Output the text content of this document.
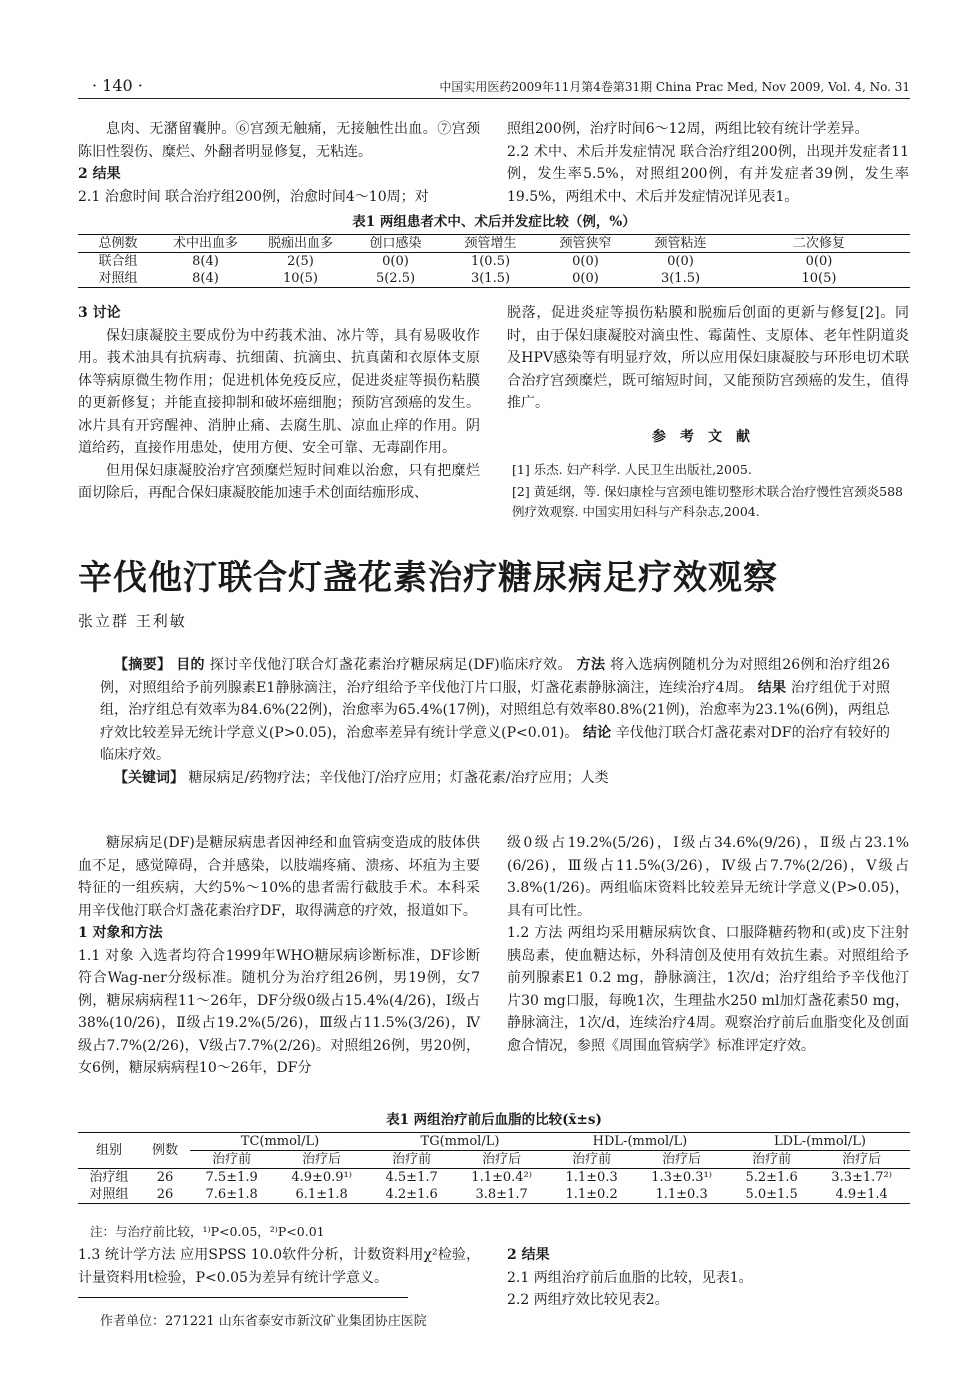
· 140 ·	中国实用医药2009年11月第4卷第31期 China Prac Med, Nov 2009, Vol. 4, No. 31

息肉、无潴留囊肿。⑥宫颈无触痛，无接触性出血。⑦宫颈陈旧性裂伤、糜烂、外翻者明显修复，无粘连。

2 结果

2.1 治愈时间 联合治疗组200例，治愈时间4～10周；对

照组200例，治疗时间6～12周，两组比较有统计学差异。

2.2 术中、术后并发症情况 联合治疗组200例，出现并发症者11例，发生率5.5%，对照组200例，有并发症者39例，发生率19.5%，两组术中、术后并发症情况详见表1。

表1 两组患者术中、术后并发症比较（例，%）
总例数	术中出血多	脱痂出血多	创口感染	颈管增生	颈管狭窄	颈管粘连	二次修复
联合组	8(4)	2(5)	0(0)	1(0.5)	0(0)	0(0)	0(0)
对照组	8(4)	10(5)	5(2.5)	3(1.5)	0(0)	3(1.5)	10(5)

3 讨论

保妇康凝胶主要成份为中药莪术油、冰片等，具有易吸收作用。莪术油具有抗病毒、抗细菌、抗滴虫、抗真菌和衣原体支原体等病原微生物作用；促进机体免疫反应，促进炎症等损伤粘膜的更新修复；并能直接抑制和破坏癌细胞；预防宫颈癌的发生。冰片具有开窍醒神、消肿止痛、去腐生肌、凉血止痒的作用。阴道给药，直接作用患处，使用方便、安全可靠、无毒副作用。

但用保妇康凝胶治疗宫颈糜烂短时间难以治愈，只有把糜烂面切除后，再配合保妇康凝胶能加速手术创面结痂形成、

脱落，促进炎症等损伤粘膜和脱痂后创面的更新与修复[2]。同时，由于保妇康凝胶对滴虫性、霉菌性、支原体、老年性阴道炎及HPV感染等有明显疗效，所以应用保妇康凝胶与环形电切术联合治疗宫颈糜烂，既可缩短时间，又能预防宫颈癌的发生，值得推广。

参考文献
[1] 乐杰. 妇产科学. 人民卫生出版社,2005.
[2] 黄延纲，等. 保妇康栓与宫颈电锥切整形术联合治疗慢性宫颈炎588例疗效观察. 中国实用妇科与产科杂志,2004.
辛伐他汀联合灯盏花素治疗糖尿病足疗效观察
张立群 王利敏

【摘要】 目的 探讨辛伐他汀联合灯盏花素治疗糖尿病足(DF)临床疗效。 方法 将入选病例随机分为对照组26例和治疗组26例，对照组给予前列腺素E1静脉滴注，治疗组给予辛伐他汀片口服，灯盏花素静脉滴注，连续治疗4周。 结果 治疗组优于对照组，治疗组总有效率为84.6%(22例)，治愈率为65.4%(17例)，对照组总有效率80.8%(21例)，治愈率为23.1%(6例)，两组总疗效比较差异无统计学意义(P>0.05)，治愈率差异有统计学意义(P<0.01)。 结论 辛伐他汀联合灯盏花素对DF的治疗有较好的临床疗效。

【关键词】 糖尿病足/药物疗法；辛伐他汀/治疗应用；灯盏花素/治疗应用；人类

糖尿病足(DF)是糖尿病患者因神经和血管病变造成的肢体供血不足，感觉障碍，合并感染，以肢端疼痛、溃疡、坏疽为主要特征的一组疾病，大约5%～10%的患者需行截肢手术。本科采用辛伐他汀联合灯盏花素治疗DF，取得满意的疗效，报道如下。

1 对象和方法

1.1 对象 入选者均符合1999年WHO糖尿病诊断标准，DF诊断符合Wag-ner分级标准。随机分为治疗组26例，男19例，女7例，糖尿病病程11～26年，DF分级0级占15.4%(4/26)，Ⅰ级占38%(10/26)，Ⅱ级占19.2%(5/26)，Ⅲ级占11.5%(3/26)，Ⅳ级占7.7%(2/26)，Ⅴ级占7.7%(2/26)。对照组26例，男20例，女6例，糖尿病病程10～26年，DF分

级0级占19.2%(5/26)，Ⅰ级占34.6%(9/26)，Ⅱ级占23.1%(6/26)，Ⅲ级占11.5%(3/26)，Ⅳ级占7.7%(2/26)，Ⅴ级占3.8%(1/26)。两组临床资料比较差异无统计学意义(P>0.05)，具有可比性。

1.2 方法 两组均采用糖尿病饮食、口服降糖药物和(或)皮下注射胰岛素，使血糖达标，外科清创及使用有效抗生素。对照组给予前列腺素E1 0.2 mg，静脉滴注，1次/d；治疗组给予辛伐他汀片30 mg口服，每晚1次，生理盐水250 ml加灯盏花素50 mg，静脉滴注，1次/d，连续治疗4周。观察治疗前后血脂变化及创面愈合情况，参照《周围血管病学》标准评定疗效。

表1 两组治疗前后血脂的比较(x̄±s)
组别	例数	TC(mmol/L)		TG(mmol/L)		HDL-(mmol/L)		LDL-(mmol/L)	
		治疗前	治疗后	治疗前	治疗后	治疗前	治疗后	治疗前	治疗后
治疗组	26	7.5±1.9	4.9±0.9¹⁾	4.5±1.7	1.1±0.4²⁾	1.1±0.3	1.3±0.3¹⁾	5.2±1.6	3.3±1.7²⁾
对照组	26	7.6±1.8	6.1±1.8	4.2±1.6	3.8±1.7	1.1±0.2	1.1±0.3	5.0±1.5	4.9±1.4
注：与治疗前比较，¹⁾P<0.05，²⁾P<0.01

1.3 统计学方法 应用SPSS 10.0软件分析，计数资料用χ²检验，计量资料用t检验，P<0.05为差异有统计学意义。

2 结果

2.1 两组治疗前后血脂的比较，见表1。

2.2 两组疗效比较见表2。

作者单位：271221 山东省泰安市新汶矿业集团协庄医院
